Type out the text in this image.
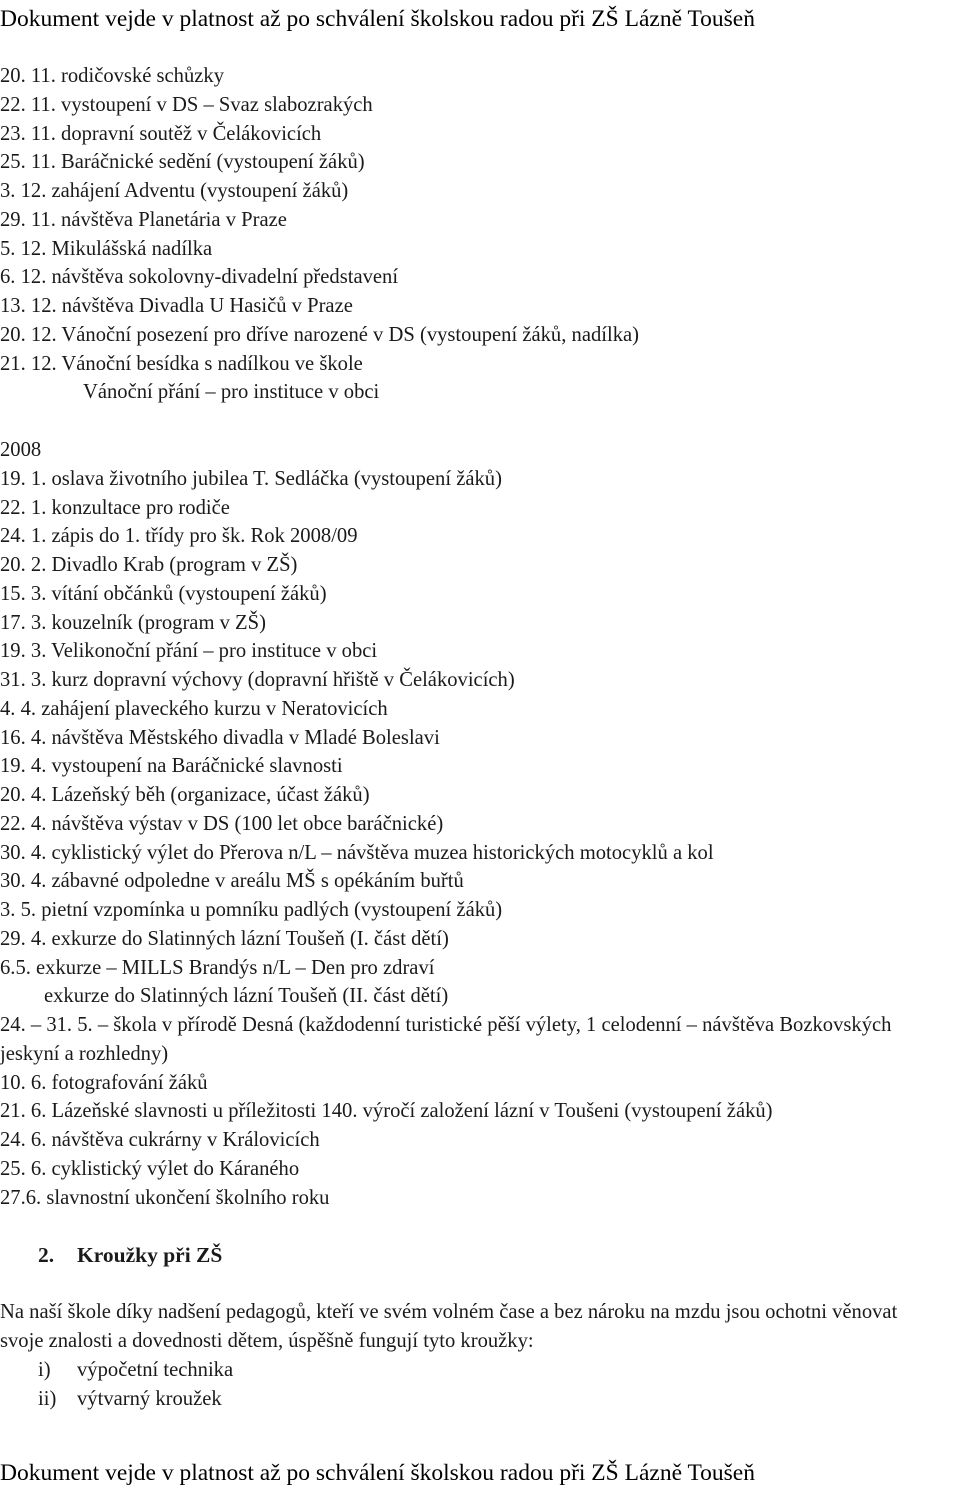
Dokument vejde v platnost až po schválení školskou radou při ZŠ Lázně Toušeň
20. 11. rodičovské schůzky
22. 11. vystoupení v DS – Svaz slabozrakých
23. 11. dopravní soutěž v Čelákovicích
25. 11. Baráčnické sedění (vystoupení žáků)
3. 12. zahájení Adventu (vystoupení žáků)
29. 11. návštěva Planetária v Praze
5. 12. Mikulášská nadílka
6. 12. návštěva sokolovny-divadelní představení
13. 12. návštěva Divadla U Hasičů v Praze
20. 12. Vánoční posezení pro dříve narozené v DS (vystoupení žáků, nadílka)
21. 12. Vánoční besídka s nadílkou ve škole
Vánoční přání – pro instituce v obci
2008
19. 1. oslava životního jubilea T. Sedláčka (vystoupení žáků)
22. 1. konzultace pro rodiče
24. 1. zápis do 1. třídy pro šk. Rok 2008/09
20. 2. Divadlo Krab (program v ZŠ)
15. 3. vítání občánků (vystoupení žáků)
17. 3. kouzelník (program v ZŠ)
19. 3. Velikonoční přání – pro instituce v obci
31. 3. kurz dopravní výchovy (dopravní hřiště v Čelákovicích)
4. 4. zahájení plaveckého kurzu v Neratovicích
16. 4. návštěva Městského divadla v Mladé Boleslavi
19. 4. vystoupení na Baráčnické slavnosti
20. 4. Lázeňský běh (organizace, účast žáků)
22. 4. návštěva výstav v DS (100 let obce baráčnické)
30. 4. cyklistický výlet do Přerova n/L – návštěva muzea historických motocyklů a kol
30. 4. zábavné odpoledne v areálu MŠ s opékáním buřtů
3. 5. pietní vzpomínka u pomníku padlých (vystoupení žáků)
29. 4. exkurze do Slatinných lázní Toušeň (I. část dětí)
6.5. exkurze – MILLS Brandýs n/L – Den pro zdraví
exkurze do Slatinných lázní Toušeň (II. část dětí)
24. – 31. 5. – škola v přírodě Desná (každodenní turistické pěší výlety, 1 celodenní – návštěva Bozkovských jeskyní a rozhledny)
10. 6. fotografování žáků
21. 6. Lázeňské slavnosti u příležitosti 140. výročí založení lázní v Toušeni (vystoupení žáků)
24. 6. návštěva cukrárny v Královicích
25. 6. cyklistický výlet do Káraného
27.6. slavnostní ukončení školního roku
2. Kroužky při ZŠ
Na naší škole díky nadšení pedagogů, kteří ve svém volném čase a bez nároku na mzdu jsou ochotni věnovat svoje znalosti a dovednosti dětem, úspěšně fungují tyto kroužky:
i) výpočetní technika
ii) výtvarný kroužek
Dokument vejde v platnost až po schválení školskou radou při ZŠ Lázně Toušeň
